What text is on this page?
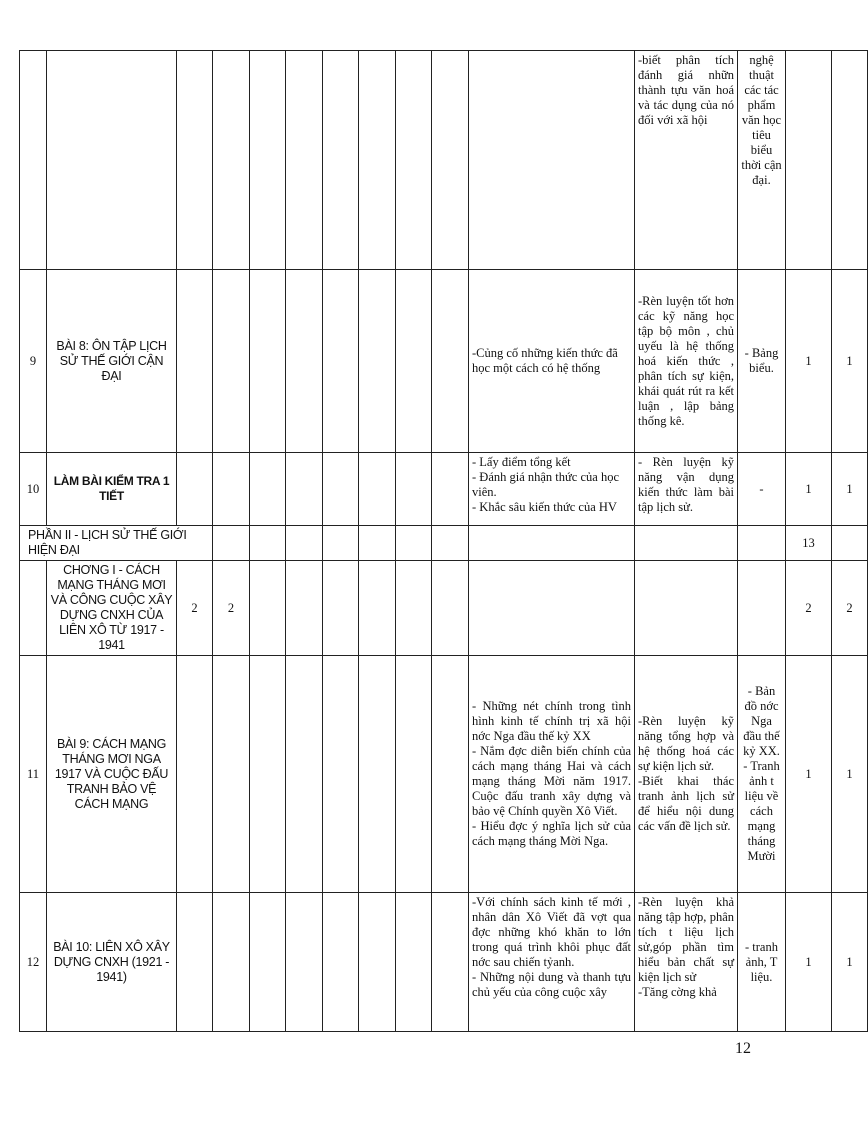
											-biết phân tích đánh giá nhữn thành tựu văn hoá và tác dụng của nó đối với xã hội	nghệ thuật các tác phẩm văn học tiêu biểu thời cận đại.		
9	BÀI 8: ÔN TẬP LỊCH SỬ THẾ GIỚI CẬN ĐẠI									-Củng cố những kiến thức đã học một cách có hệ thống	-Rèn luyện tốt hơn các kỹ năng học tập bộ môn , chủ uyếu là hệ thống hoá kiến thức , phân tích sự kiện, khái quát rút ra kết luận , lập bảng thống kê.	- Bảng biểu.	1	1
10	LÀM BÀI KIỂM TRA 1 TIẾT									- Lấy điểm tổng kết
- Đánh giá nhận thức của học viên.
- Khắc sâu kiến thức của HV	- Rèn luyện kỹ năng vận dụng kiến thức làm bài tập lịch sử.	-	1	1
PHẦN II - LỊCH SỬ THẾ GIỚI HIỆN ĐẠI													13	
	CHƠNG I - CÁCH MẠNG THÁNG MƠI VÀ CÔNG CUỘC XÂY DỰNG CNXH CỦA LIÊN XÔ TỪ 1917 - 1941	2	2										2	2
11	BÀI 9: CÁCH MẠNG THÁNG MƠI NGA 1917 VÀ CUỘC ĐẤU TRANH BẢO VỆ CÁCH MẠNG									- Những nét chính trong tình hình kinh tế chính trị xã hội nớc Nga đầu thế kỷ XX
- Nắm đợc diễn biến chính của cách mạng tháng Hai và cách mạng tháng Mời năm 1917. Cuộc đấu tranh xây dựng và bảo vệ Chính quyền Xô Viết.
- Hiểu đợc ý nghĩa lịch sử của cách mạng tháng Mời Nga.	-Rèn luyện kỹ năng tổng hợp và hệ thống hoá các sự kiện lịch sử.
-Biết khai thác tranh ảnh lịch sử để hiểu nội dung các vấn đề lịch sử.	- Bản đồ nớc Nga đầu thế kỷ XX.
- Tranh ảnh t liệu về cách mạng tháng Mười	1	1
12	BÀI 10: LIÊN XÔ XÂY DỰNG CNXH (1921 - 1941)									-Với chính sách kinh tế mới , nhân dân Xô Viết đã vợt qua đợc những khó khăn to lớn trong quá trình khôi phục đất nớc sau chiến tỷanh.
- Những nội dung và thanh tựu chủ yếu của công cuộc xây	-Rèn luyện khả năng tập hợp, phân tích t liệu lịch sử,góp phần tìm hiểu bản chất sự kiện lịch sử
-Tăng cờng khả	- tranh ảnh, T liệu.	1	1
12
